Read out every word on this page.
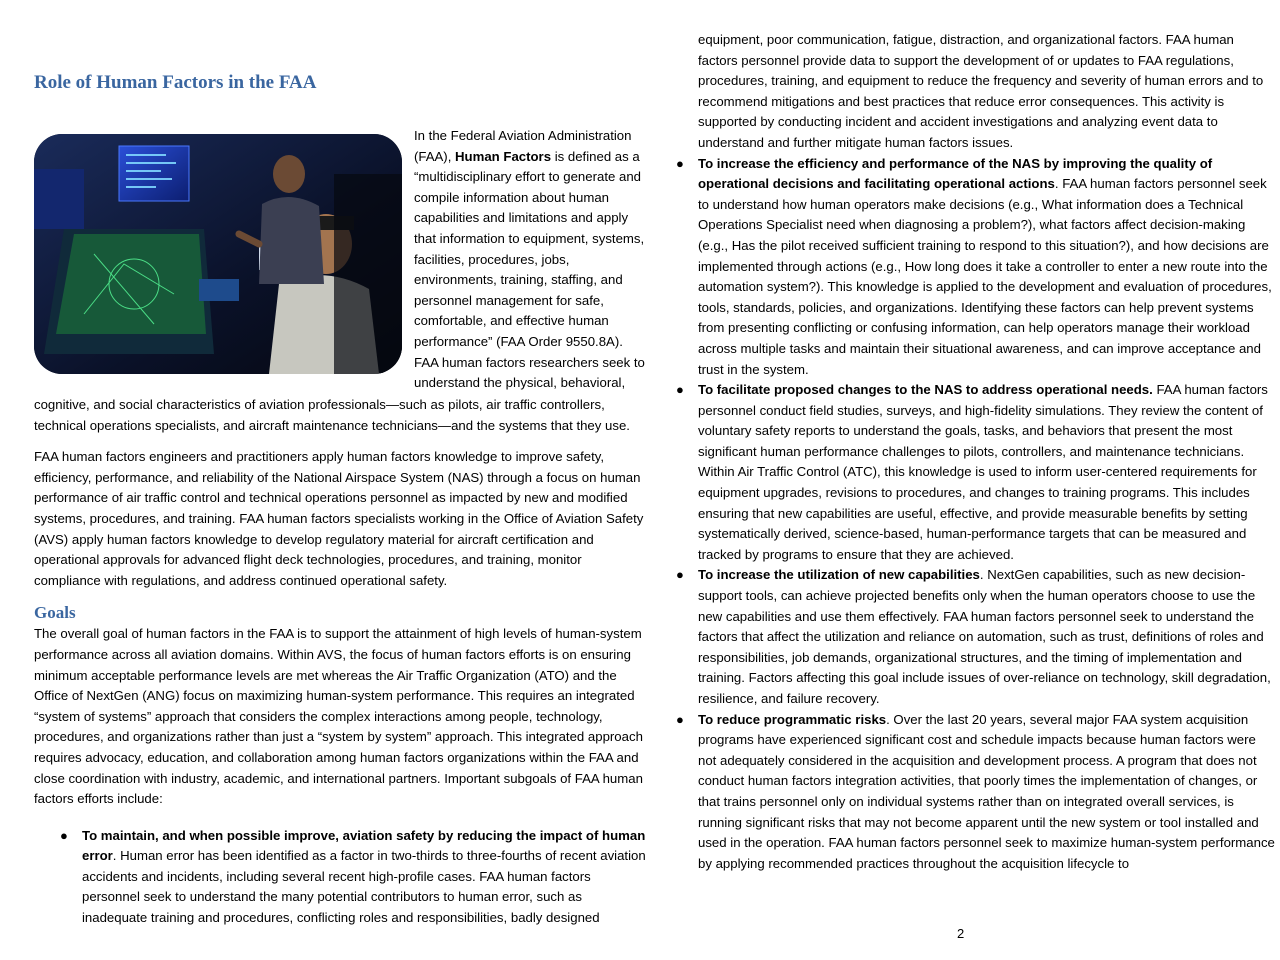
Role of Human Factors in the FAA

In the Federal Aviation Administration (FAA), Human Factors is defined as a “multidisciplinary effort to generate and compile information about human capabilities and limitations and apply that information to equipment, systems, facilities, procedures, jobs, environments, training, staffing, and personnel management for safe, comfortable, and effective human performance” (FAA Order 9550.8A). FAA human factors researchers seek to understand the physical, behavioral,

cognitive, and social characteristics of aviation professionals—such as pilots, air traffic controllers, technical operations specialists, and aircraft maintenance technicians—and the systems that they use.

FAA human factors engineers and practitioners apply human factors knowledge to improve safety, efficiency, performance, and reliability of the National Airspace System (NAS) through a focus on human performance of air traffic control and technical operations personnel as impacted by new and modified systems, procedures, and training. FAA human factors specialists working in the Office of Aviation Safety (AVS) apply human factors knowledge to develop regulatory material for aircraft certification and operational approvals for advanced flight deck technologies, procedures, and training, monitor compliance with regulations, and address continued operational safety.

Goals

The overall goal of human factors in the FAA is to support the attainment of high levels of human-system performance across all aviation domains. Within AVS, the focus of human factors efforts is on ensuring minimum acceptable performance levels are met whereas the Air Traffic Organization (ATO) and the Office of NextGen (ANG) focus on maximizing human-system performance. This requires an integrated “system of systems” approach that considers the complex interactions among people, technology, procedures, and organizations rather than just a “system by system” approach. This integrated approach requires advocacy, education, and collaboration among human factors organizations within the FAA and close coordination with industry, academic, and international partners. Important subgoals of FAA human factors efforts include:

● To maintain, and when possible improve, aviation safety by reducing the impact of human error. Human error has been identified as a factor in two-thirds to three-fourths of recent aviation accidents and incidents, including several recent high-profile cases. FAA human factors personnel seek to understand the many potential contributors to human error, such as inadequate training and procedures, conflicting roles and responsibilities, badly designed

equipment, poor communication, fatigue, distraction, and organizational factors. FAA human factors personnel provide data to support the development of or updates to FAA regulations, procedures, training, and equipment to reduce the frequency and severity of human errors and to recommend mitigations and best practices that reduce error consequences. This activity is supported by conducting incident and accident investigations and analyzing event data to understand and further mitigate human factors issues.

● To increase the efficiency and performance of the NAS by improving the quality of operational decisions and facilitating operational actions. FAA human factors personnel seek to understand how human operators make decisions (e.g., What information does a Technical Operations Specialist need when diagnosing a problem?), what factors affect decision-making (e.g., Has the pilot received sufficient training to respond to this situation?), and how decisions are implemented through actions (e.g., How long does it take a controller to enter a new route into the automation system?). This knowledge is applied to the development and evaluation of procedures, tools, standards, policies, and organizations. Identifying these factors can help prevent systems from presenting conflicting or confusing information, can help operators manage their workload across multiple tasks and maintain their situational awareness, and can improve acceptance and trust in the system.
● To facilitate proposed changes to the NAS to address operational needs. FAA human factors personnel conduct field studies, surveys, and high-fidelity simulations. They review the content of voluntary safety reports to understand the goals, tasks, and behaviors that present the most significant human performance challenges to pilots, controllers, and maintenance technicians. Within Air Traffic Control (ATC), this knowledge is used to inform user-centered requirements for equipment upgrades, revisions to procedures, and changes to training programs. This includes ensuring that new capabilities are useful, effective, and provide measurable benefits by setting systematically derived, science-based, human-performance targets that can be measured and tracked by programs to ensure that they are achieved.
● To increase the utilization of new capabilities. NextGen capabilities, such as new decision-support tools, can achieve projected benefits only when the human operators choose to use the new capabilities and use them effectively. FAA human factors personnel seek to understand the factors that affect the utilization and reliance on automation, such as trust, definitions of roles and responsibilities, job demands, organizational structures, and the timing of implementation and training. Factors affecting this goal include issues of over-reliance on technology, skill degradation, resilience, and failure recovery.
● To reduce programmatic risks. Over the last 20 years, several major FAA system acquisition programs have experienced significant cost and schedule impacts because human factors were not adequately considered in the acquisition and development process. A program that does not conduct human factors integration activities, that poorly times the implementation of changes, or that trains personnel only on individual systems rather than on integrated overall services, is running significant risks that may not become apparent until the new system or tool installed and used in the operation. FAA human factors personnel seek to maximize human-system performance by applying recommended practices throughout the acquisition lifecycle to
2
